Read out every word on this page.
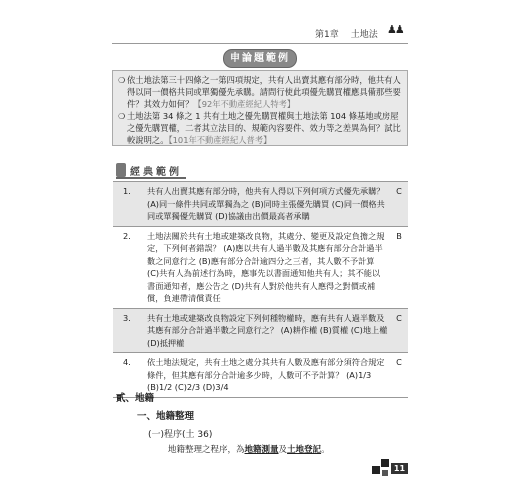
第1章 土地法 ♟♟
申論題範例
❍ 依土地法第三十四條之一第四項規定，共有人出賣其應有部分時，他共有人得以同一價格共同或單獨優先承購。請問行使此項優先購買權應具備那些要件？其效力如何？【92年不動產經紀人特考】
❍ 土地法第 34 條之 1 共有土地之優先購買權與土地法第 104 條基地或房屋之優先購買權，二者其立法目的、規範內容要件、效力等之差異為何？試比較說明之。【101年不動產經紀人普考】
經典範例
1.	共有人出賣其應有部分時，他共有人得以下列何項方式優先承購？ (A)同一條件共同或單獨為之 (B)同時主張優先購買 (C)同一價格共同或單獨優先購買 (D)協議由出價最高者承購	C
2.	土地法關於共有土地或建築改良物，其處分、變更及設定負擔之規定，下列何者錯誤？ (A)應以共有人過半數及其應有部分合計過半數之同意行之 (B)應有部分合計逾四分之三者，其人數不予計算 (C)共有人為前述行為時，應事先以書面通知他共有人；其不能以書面通知者，應公告之 (D)共有人對於他共有人應得之對價或補償，負連帶清償責任	B
3.	共有土地或建築改良物設定下列何種物權時，應有共有人過半數及其應有部分合計過半數之同意行之？ (A)耕作權 (B)質權 (C)地上權 (D)抵押權	C
4.	依土地法規定，共有土地之處分其共有人數及應有部分須符合規定條件，但其應有部分合計逾多少時，人數可不予計算？ (A)1/3 (B)1/2 (C)2/3 (D)3/4	C
貳、地籍
一、地籍整理
(一)程序(土 36)
地籍整理之程序，為地籍測量及土地登記。
11
